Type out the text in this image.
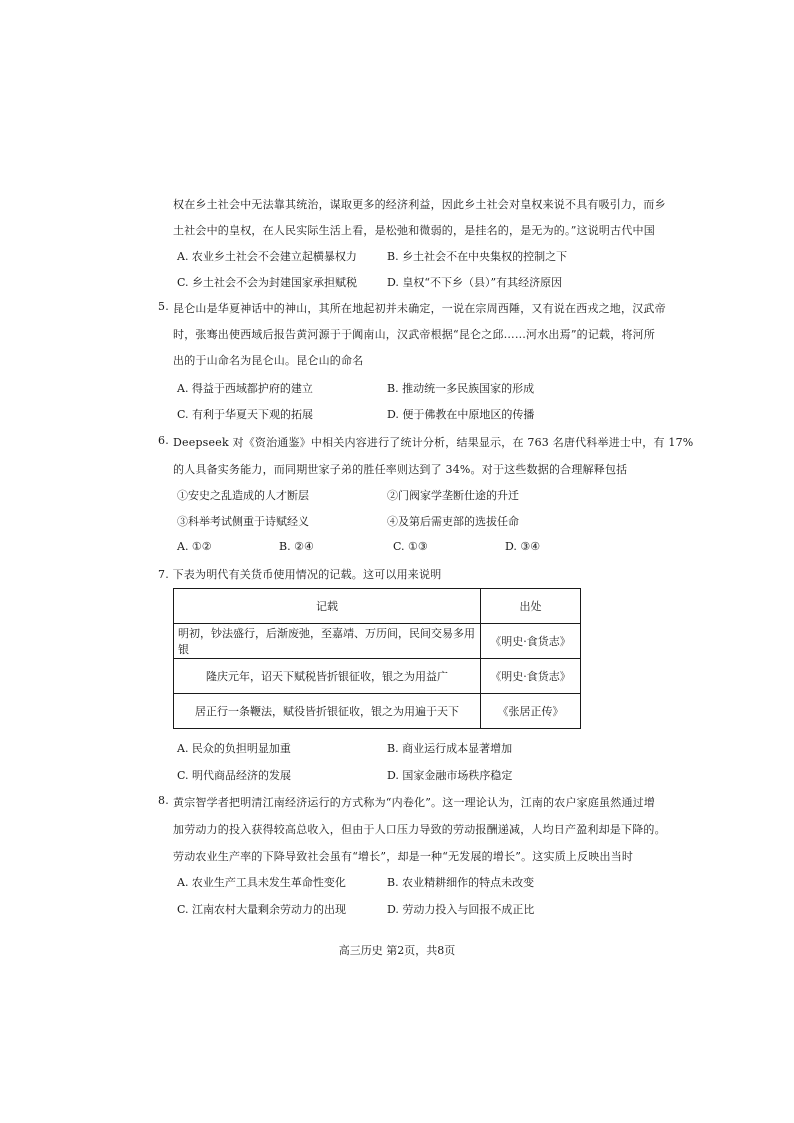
权在乡土社会中无法靠其统治，谋取更多的经济利益，因此乡土社会对皇权来说不具有吸引力，而乡
土社会中的皇权，在人民实际生活上看，是松弛和微弱的，是挂名的，是无为的。”这说明古代中国
A. 农业乡土社会不会建立起横暴权力	B. 乡土社会不在中央集权的控制之下
C. 乡土社会不会为封建国家承担赋税	D. 皇权“不下乡（县）”有其经济原因
5. 昆仑山是华夏神话中的神山，其所在地起初并未确定，一说在宗周西陲，又有说在西戎之地，汉武帝
时，张骞出使西域后报告黄河源于于阗南山，汉武帝根据“昆仑之邱……河水出焉”的记载，将河所
出的于山命名为昆仑山。昆仑山的命名
A. 得益于西域都护府的建立	B. 推动统一多民族国家的形成
C. 有利于华夏天下观的拓展	D. 便于佛教在中原地区的传播
6. Deepseek 对《资治通鉴》中相关内容进行了统计分析，结果显示，在 763 名唐代科举进士中，有 17%
的人具备实务能力，而同期世家子弟的胜任率则达到了 34%。对于这些数据的合理解释包括
①安史之乱造成的人才断层	②门阀家学垄断仕途的升迁
③科举考试侧重于诗赋经义	④及第后需吏部的选拔任命
A. ①②	B. ②④	C. ①③	D. ③④
7. 下表为明代有关货币使用情况的记载。这可以用来说明
记载	出处
明初，钞法盛行，后渐废弛，至嘉靖、万历间，民间交易多用银	《明史·食货志》
隆庆元年，诏天下赋税皆折银征收，银之为用益广	《明史·食货志》
居正行一条鞭法，赋役皆折银征收，银之为用遍于天下	《张居正传》
A. 民众的负担明显加重	B. 商业运行成本显著增加
C. 明代商品经济的发展	D. 国家金融市场秩序稳定
8. 黄宗智学者把明清江南经济运行的方式称为“内卷化”。这一理论认为，江南的农户家庭虽然通过增
加劳动力的投入获得较高总收入，但由于人口压力导致的劳动报酬递减，人均日产盈利却是下降的。
劳动农业生产率的下降导致社会虽有“增长”，却是一种“无发展的增长”。这实质上反映出当时
A. 农业生产工具未发生革命性变化	B. 农业精耕细作的特点未改变
C. 江南农村大量剩余劳动力的出现	D. 劳动力投入与回报不成正比
高三历史 第2页，共8页
